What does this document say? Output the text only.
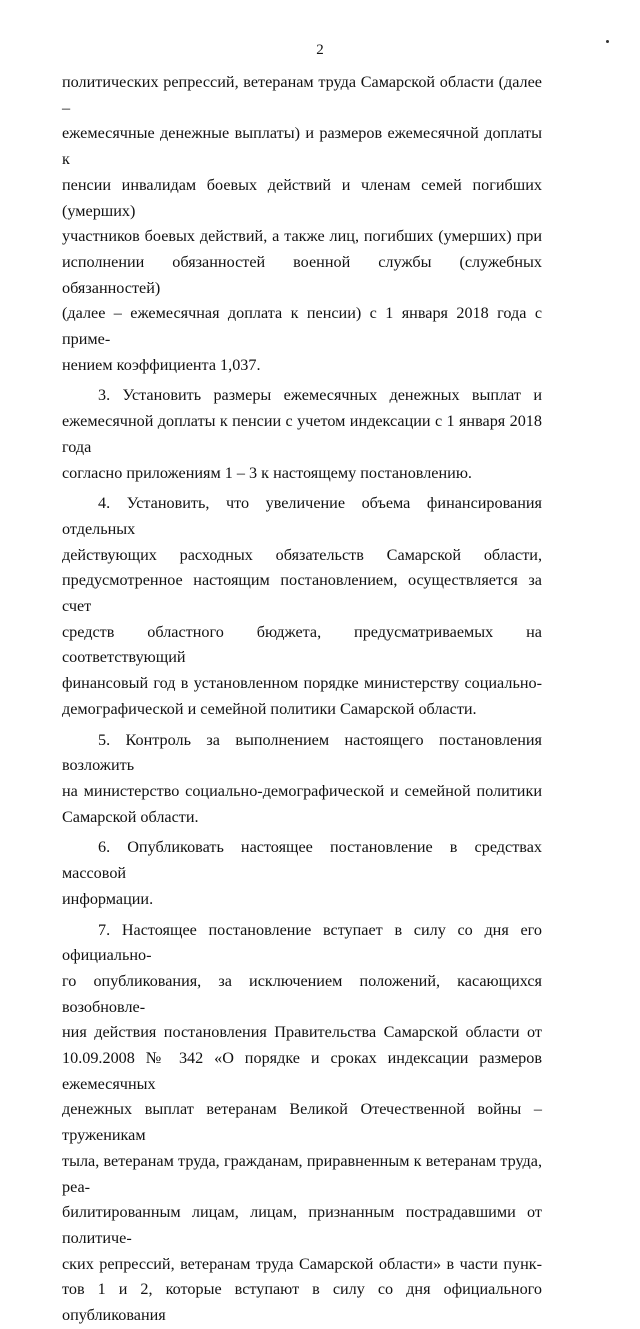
2
политических репрессий, ветеранам труда Самарской области (далее –
ежемесячные денежные выплаты) и размеров ежемесячной доплаты к
пенсии инвалидам боевых действий и членам семей погибших (умерших)
участников боевых действий, а также лиц, погибших (умерших) при
исполнении обязанностей военной службы (служебных обязанностей)
(далее – ежемесячная доплата к пенсии) с 1 января 2018 года с приме-
нением коэффициента 1,037.
3. Установить размеры ежемесячных денежных выплат и
ежемесячной доплаты к пенсии с учетом индексации с 1 января 2018 года
согласно приложениям 1 – 3 к настоящему постановлению.
4. Установить, что увеличение объема финансирования отдельных
действующих расходных обязательств Самарской области,
предусмотренное настоящим постановлением, осуществляется за счет
средств областного бюджета, предусматриваемых на соответствующий
финансовый год в установленном порядке министерству социально-
демографической и семейной политики Самарской области.
5. Контроль за выполнением настоящего постановления возложить
на министерство социально-демографической и семейной политики
Самарской области.
6. Опубликовать настоящее постановление в средствах массовой
информации.
7. Настоящее постановление вступает в силу со дня его официально-
го опубликования, за исключением положений, касающихся возобновле-
ния действия постановления Правительства Самарской области от
10.09.2008 № 342 «О порядке и сроках индексации размеров ежемесячных
денежных выплат ветеранам Великой Отечественной войны – труженикам
тыла, ветеранам труда, гражданам, приравненным к ветеранам труда, реа-
билитированным лицам, лицам, признанным пострадавшими от политиче-
ских репрессий, ветеранам труда Самарской области» в части пунк-
тов 1 и 2, которые вступают в силу со дня официального опубликования
